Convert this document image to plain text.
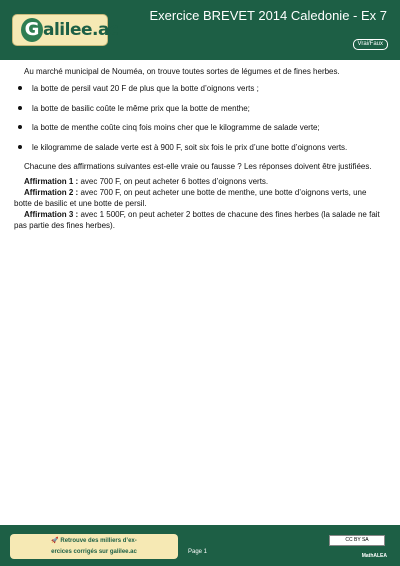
G alilee.ac
Exercice BREVET 2014 Caledonie - Ex 7
Vrai/Faux

Au marché municipal de Nouméa, on trouve toutes sortes de légumes et de fines herbes.

la botte de persil vaut 20 F de plus que la botte d’oignons verts ;
la botte de basilic coûte le même prix que la botte de menthe;
la botte de menthe coûte cinq fois moins cher que le kilogramme de salade verte;
le kilogramme de salade verte est à 900 F, soit six fois le prix d’une botte d’oignons verts.

Chacune des affirmations suivantes est-elle vraie ou fausse ? Les réponses doivent être justifiées.

Affirmation 1 : avec 700 F, on peut acheter 6 bottes d’oignons verts.

Affirmation 2 : avec 700 F, on peut acheter une botte de menthe, une botte d’oignons verts, une botte de basilic et une botte de persil.

Affirmation 3 : avec 1 500F, on peut acheter 2 bottes de chacune des fines herbes (la salade ne fait pas partie des fines herbes).

🚀 Retrouve des milliers d’ex-
ercices corrigés sur galilee.ac	Page 1
CC BY SA
MathALEA
